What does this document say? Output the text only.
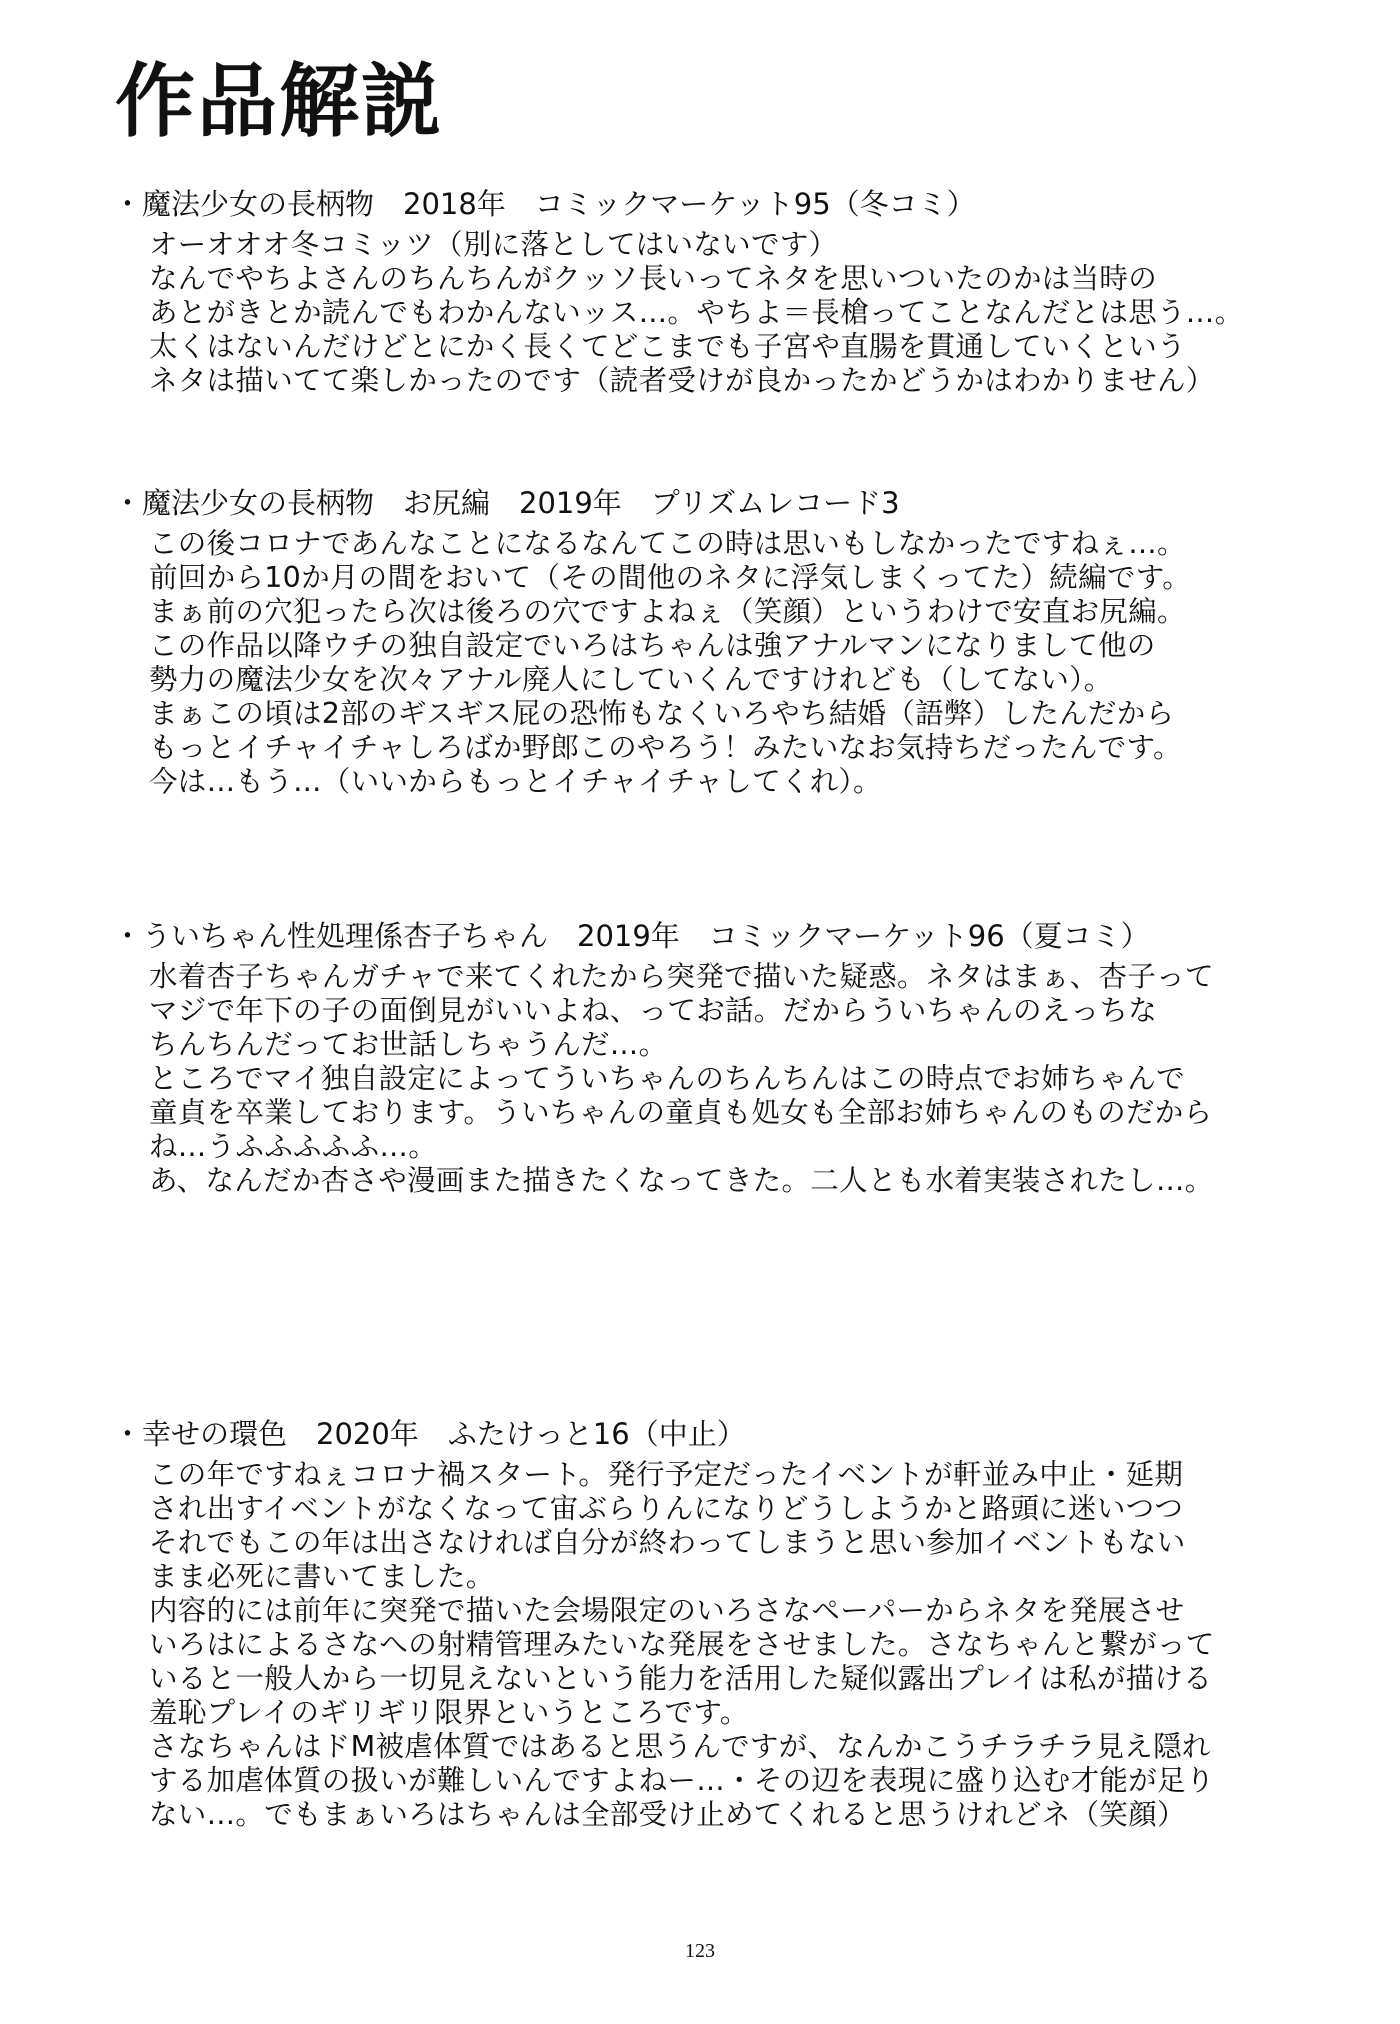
作品解説
・魔法少女の長柄物　2018年　コミックマーケット95（冬コミ）
オーオオオ冬コミッツ（別に落としてはいないです）
なんでやちよさんのちんちんがクッソ長いってネタを思いついたのかは当時の
あとがきとか読んでもわかんないッス…。やちよ＝長槍ってことなんだとは思う…。
太くはないんだけどとにかく長くてどこまでも子宮や直腸を貫通していくという
ネタは描いてて楽しかったのです（読者受けが良かったかどうかはわかりません）
・魔法少女の長柄物　お尻編　2019年　プリズムレコード3
この後コロナであんなことになるなんてこの時は思いもしなかったですねぇ…。
前回から10か月の間をおいて（その間他のネタに浮気しまくってた）続編です。
まぁ前の穴犯ったら次は後ろの穴ですよねぇ（笑顔）というわけで安直お尻編。
この作品以降ウチの独自設定でいろはちゃんは強アナルマンになりまして他の
勢力の魔法少女を次々アナル廃人にしていくんですけれども（してない）。
まぁこの頃は2部のギスギス屁の恐怖もなくいろやち結婚（語弊）したんだから
もっとイチャイチャしろばか野郎このやろう！みたいなお気持ちだったんです。
今は…もう…（いいからもっとイチャイチャしてくれ）。
・ういちゃん性処理係杏子ちゃん　2019年　コミックマーケット96（夏コミ）
水着杏子ちゃんガチャで来てくれたから突発で描いた疑惑。ネタはまぁ、杏子って
マジで年下の子の面倒見がいいよね、ってお話。だからういちゃんのえっちな
ちんちんだってお世話しちゃうんだ…。
ところでマイ独自設定によってういちゃんのちんちんはこの時点でお姉ちゃんで
童貞を卒業しております。ういちゃんの童貞も処女も全部お姉ちゃんのものだから
ね…うふふふふふ…。
あ、なんだか杏さや漫画また描きたくなってきた。二人とも水着実装されたし…。
・幸せの環色　2020年　ふたけっと16（中止）
この年ですねぇコロナ禍スタート。発行予定だったイベントが軒並み中止・延期
され出すイベントがなくなって宙ぶらりんになりどうしようかと路頭に迷いつつ
それでもこの年は出さなければ自分が終わってしまうと思い参加イベントもない
まま必死に書いてました。
内容的には前年に突発で描いた会場限定のいろさなペーパーからネタを発展させ
いろはによるさなへの射精管理みたいな発展をさせました。さなちゃんと繋がって
いると一般人から一切見えないという能力を活用した疑似露出プレイは私が描ける
羞恥プレイのギリギリ限界というところです。
さなちゃんはドM被虐体質ではあると思うんですが、なんかこうチラチラ見え隠れ
する加虐体質の扱いが難しいんですよねー…・その辺を表現に盛り込む才能が足り
ない…。でもまぁいろはちゃんは全部受け止めてくれると思うけれどネ（笑顔）
123
